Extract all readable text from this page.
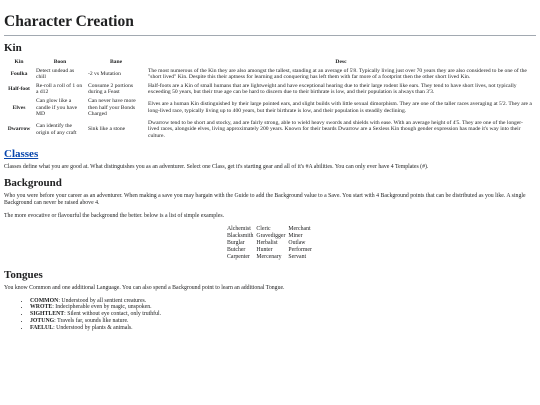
Character Creation
Kin
Kin	Boon	Bane	Desc
Foulka	Detect undead as chill	-2 vs Mutation	The most numerous of the Kin they are also amongst the tallest, standing at an average of 5'8. Typically living just over 70 years they are also considered to be one of the "short lived" Kin. Despite this their aptness for learning and conquering has left them with far more of a footprint then the other short lived Kin.
Half-foot	Re-roll a roll of 1 on a d12	Consume 2 portions during a Feast	Half-foots are a Kin of small humans that are lightweight and have exceptional hearing due to their large rodent like ears. They tend to have short lives, not typically exceeding 50 years, but their true age can be hard to discern due to their birthrate is low, and their population is always than 3'3.
Elves	Can glow like a candle if you have MD	Can never have more then half your Bonds Charged	Elves are a human Kin distinguished by their large pointed ears, and slight builds with little sexual dimorphism. They are one of the taller races averaging at 5'2. They are a long-lived race, typically living up to 400 years, but their birthrate is low, and their population is steadily declining.
Dwarrow	Can identify the origin of any craft	Sink like a stone	Dwarrow tend to be short and stocky, and are fairly strong, able to wield heavy swords and shields with ease. With an average height of 4'5. They are one of the longer-lived races, alongside elves, living approximately 200 years. Known for their beards Dwarrow are a Sexless Kin though gender expression has made it's way into their culture.
Classes

Classes define what you are good at. What distinguishes you as an adventurer. Select one Class, get it's starting gear and all of it's #A abilities. You can only ever have 4 Templates (#).

Background

Who you were before your career as an adventurer. When making a save you may bargain with the Guide to add the Background value to a Save. You start with 4 Background points that can be distributed as you like. A single Background can never be raised above 4.

The more evocative or flavourful the background the better. below is a list of simple examples.

Alchemist	Cleric	Merchant
Blacksmith	Gravedigger	Miner
Burglar	Herbalist	Outlaw
Butcher	Hunter	Performer
Carpenter	Mercenary	Servant
Tongues

You know Common and one additional Language. You can also spend a Background point to learn an additional Tongue.

• COMMON: Understood by all sentient creatures.
• WROTE: Indecipherable even by magic, unspoken.
• SIGHTLENT: Silent without eye contact, only truthful.
• JOTUNG: Travels far, sounds like nature.
• FAELUL: Understood by plants & animals.
